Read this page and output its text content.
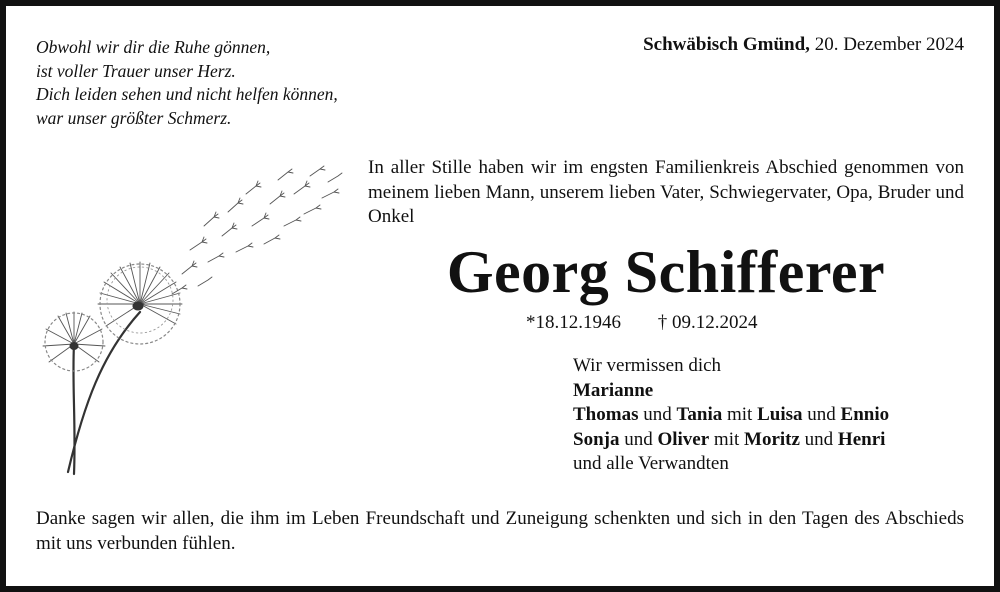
Obwohl wir dir die Ruhe gönnen,
ist voller Trauer unser Herz.
Dich leiden sehen und nicht helfen können,
war unser größter Schmerz.
Schwäbisch Gmünd, 20. Dezember 2024
In aller Stille haben wir im engsten Familienkreis Abschied genommen von meinem lieben Mann, unserem lieben Vater, Schwiegervater, Opa, Bruder und Onkel
Georg Schifferer
*18.12.1946 † 09.12.2024
Wir vermissen dich
Marianne
Thomas und Tania mit Luisa und Ennio
Sonja und Oliver mit Moritz und Henri
und alle Verwandten
Danke sagen wir allen, die ihm im Leben Freundschaft und Zuneigung schenkten und sich in den Tagen des Abschieds mit uns verbunden fühlen.
